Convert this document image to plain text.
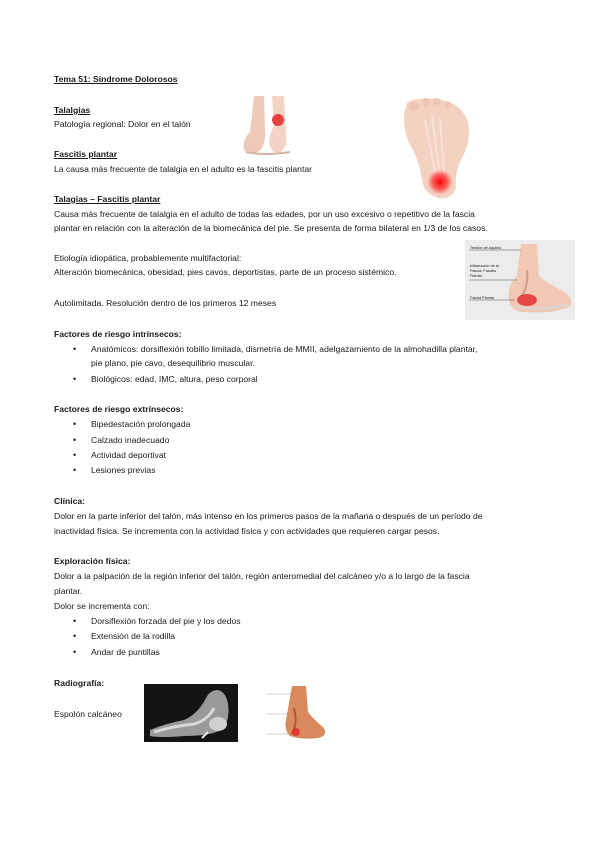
Tema 51: Síndrome Dolorosos
Talalgias
Patología regional: Dolor en el talón
Fascitis plantar
La causa más frecuente de talalgia en el adulto es la fascitis plantar
Talagias – Fascitis plantar
Causa más frecuente de talalgia en el adulto de todas las edades, por un uso excesivo o repetitivo de la fascia
plantar en relación con la alteración de la biomecánica del pie. Se presenta de forma bilateral en 1/3 de los casos.
Etiología idiopática, probablemente multifactorial:
Alteración biomecánica, obesidad, pies cavos, deportistas, parte de un proceso sistémico.
Tendón de Aquiles
Inflamación de la Fascia: Fascitis Plantar
Fascia Plantar
Autolimitada. Resolución dentro de los primeros 12 meses
Factores de riesgo intrínsecos:
• Anatómicos: dorsiflexión tobillo limitada, dismetría de MMII, adelgazamiento de la almohadilla plantar,
pie plano, pie cavo, desequilibrio muscular.
• Biológicos: edad, IMC, altura, peso corporal
Factores de riesgo extrínsecos:
• Bipedestación prolongada
• Calzado inadecuado
• Actividad deportivat
• Lesiones previas
Clínica:
Dolor en la parte inferior del talón, más intenso en los primeros pasos de la mañana o después de un período de
inactividad física. Se incrementa con la actividad física y con actividades que requieren cargar pesos.
Exploración física:
Dolor a la palpación de la región inferior del talón, región anteromedial del calcáneo y/o a lo largo de la fascia
plantar.
Dolor se incrementa con:
• Dorsiflexión forzada del pie y los dedos
• Extensión de la rodilla
• Andar de puntillas
Radiografía:
Espolón calcáneo
